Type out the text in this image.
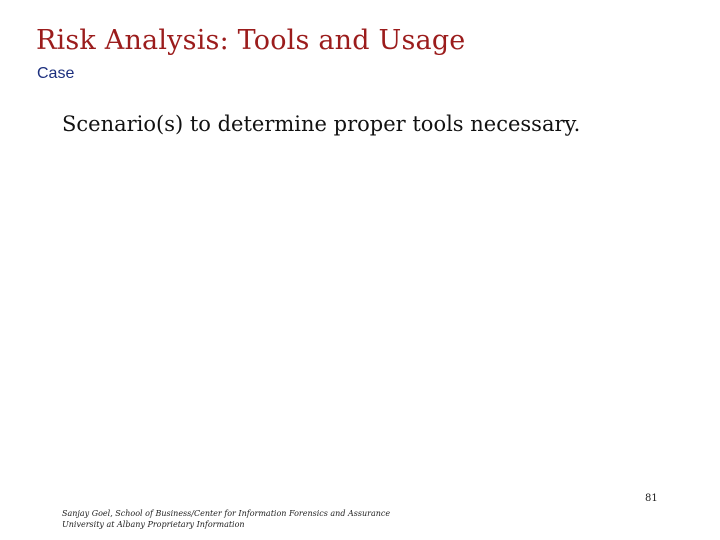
Risk Analysis: Tools and Usage
Case
Scenario(s) to determine proper tools necessary.
81
Sanjay Goel, School of Business/Center for Information Forensics and Assurance
University at Albany Proprietary Information
